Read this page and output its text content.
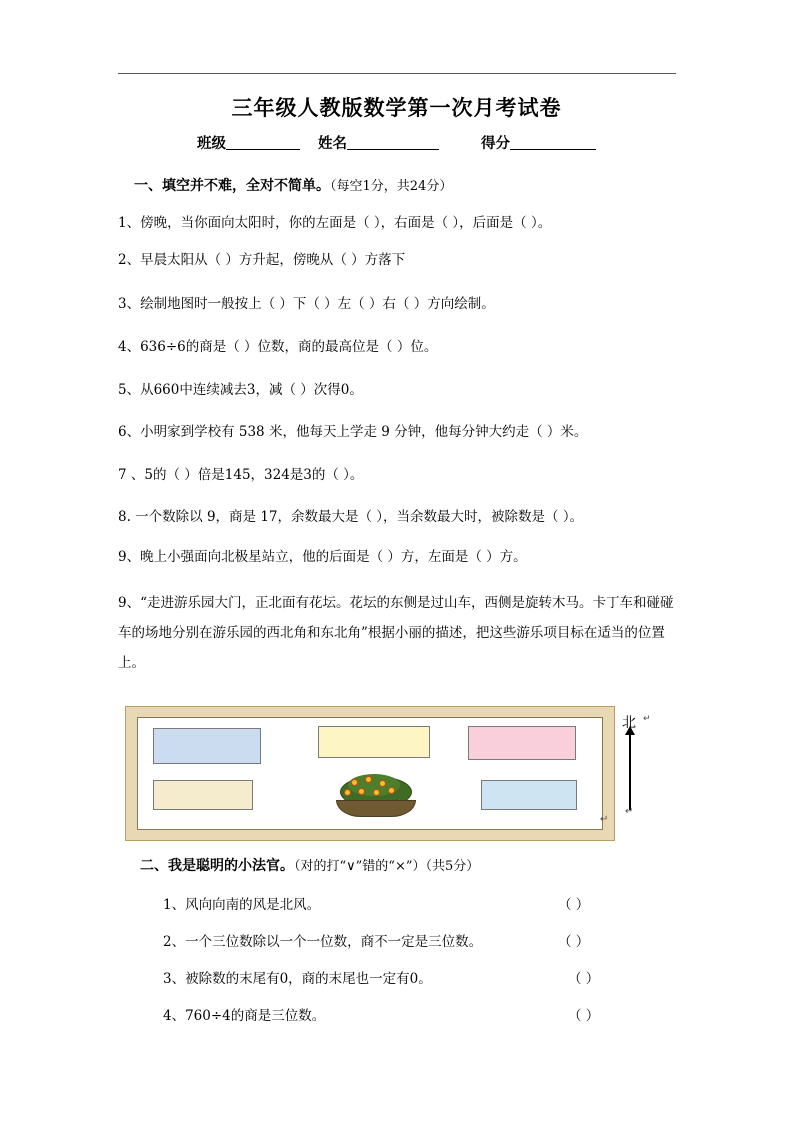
三年级人教版数学第一次月考试卷
班级	姓名	得分
一、填空并不难，全对不简单。（每空1分，共24分）
1、傍晚，当你面向太阳时，你的左面是（ ），右面是（ ），后面是（ ）。
2、早晨太阳从（ ）方升起，傍晚从（ ）方落下
3、绘制地图时一般按上（ ）下（ ）左（ ）右（ ）方向绘制。
4、636÷6的商是（ ）位数，商的最高位是（ ）位。
5、从660中连续减去3，减（ ）次得0。
6、小明家到学校有 538 米，他每天上学走 9 分钟，他每分钟大约走（ ）米。
7 、5的（ ）倍是145，324是3的（ ）。
8. 一个数除以 9，商是 17，余数最大是（ ），当余数最大时，被除数是（ ）。
9、晚上小强面向北极星站立，他的后面是（ ）方，左面是（ ）方。
9、“走进游乐园大门，正北面有花坛。花坛的东侧是过山车，西侧是旋转木马。卡丁车和碰碰车的场地分别在游乐园的西北角和东北角”根据小丽的描述，把这些游乐项目标在适当的位置上。
北 ↵
↵
↵
二、我是聪明的小法官。（对的打“∨”错的“×”）（共5分）
1、风向向南的风是北风。	（ ）
2、一个三位数除以一个一位数，商不一定是三位数。	（ ）
3、被除数的末尾有0，商的末尾也一定有0。	（ ）
4、760÷4的商是三位数。	（ ）
